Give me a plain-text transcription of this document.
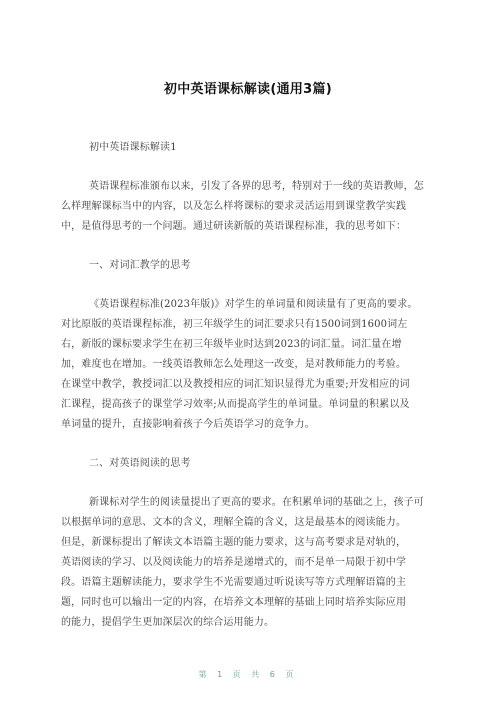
初中英语课标解读(通用3篇)
初中英语课标解读1
英语课程标准颁布以来，引发了各界的思考，特别对于一线的英语教师，怎
么样理解课标当中的内容，以及怎么样将课标的要求灵活运用到课堂教学实践
中，是值得思考的一个问题。通过研读新版的英语课程标准，我的思考如下：
一、对词汇教学的思考
《英语课程标准(2023年版)》对学生的单词量和阅读量有了更高的要求。
对比原版的英语课程标准，初三年级学生的词汇要求只有1500词到1600词左
右，新版的课标要求学生在初三年级毕业时达到2023的词汇量。词汇量在增
加，难度也在增加。一线英语教师怎么处理这一改变，是对教师能力的考验。
在课堂中教学，教授词汇以及教授相应的词汇知识显得尤为重要;开发相应的词
汇课程，提高孩子的课堂学习效率;从而提高学生的单词量。单词量的积累以及
单词量的提升，直接影响着孩子今后英语学习的竞争力。
二、对英语阅读的思考
新课标对学生的阅读量提出了更高的要求。在积累单词的基础之上，孩子可
以根据单词的意思、文本的含义，理解全篇的含义，这是最基本的阅读能力。
但是，新课标提出了解读文本语篇主题的能力要求，这与高考要求是对轨的，
英语阅读的学习、以及阅读能力的培养是递增式的，而不是单一局限于初中学
段。语篇主题解读能力，要求学生不光需要通过听说读写等方式理解语篇的主
题，同时也可以输出一定的内容，在培养文本理解的基础上同时培养实际应用
的能力，提倡学生更加深层次的综合运用能力。
第 1 页 共 6 页
